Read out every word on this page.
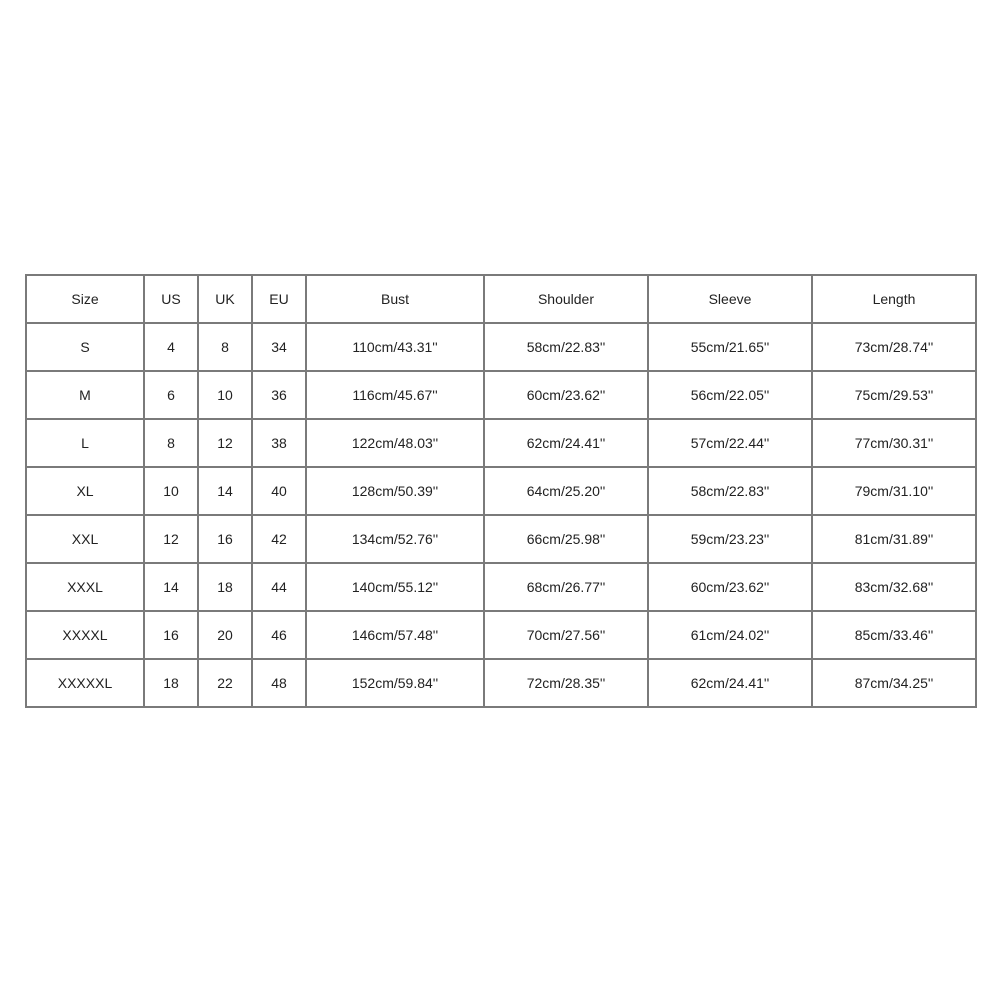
Size	US	UK	EU	Bust	Shoulder	Sleeve	Length
S	4	8	34	110cm/43.31''	58cm/22.83''	55cm/21.65''	73cm/28.74''
M	6	10	36	116cm/45.67''	60cm/23.62''	56cm/22.05''	75cm/29.53''
L	8	12	38	122cm/48.03''	62cm/24.41''	57cm/22.44''	77cm/30.31''
XL	10	14	40	128cm/50.39''	64cm/25.20''	58cm/22.83''	79cm/31.10''
XXL	12	16	42	134cm/52.76''	66cm/25.98''	59cm/23.23''	81cm/31.89''
XXXL	14	18	44	140cm/55.12''	68cm/26.77''	60cm/23.62''	83cm/32.68''
XXXXL	16	20	46	146cm/57.48''	70cm/27.56''	61cm/24.02''	85cm/33.46''
XXXXXL	18	22	48	152cm/59.84''	72cm/28.35''	62cm/24.41''	87cm/34.25''
